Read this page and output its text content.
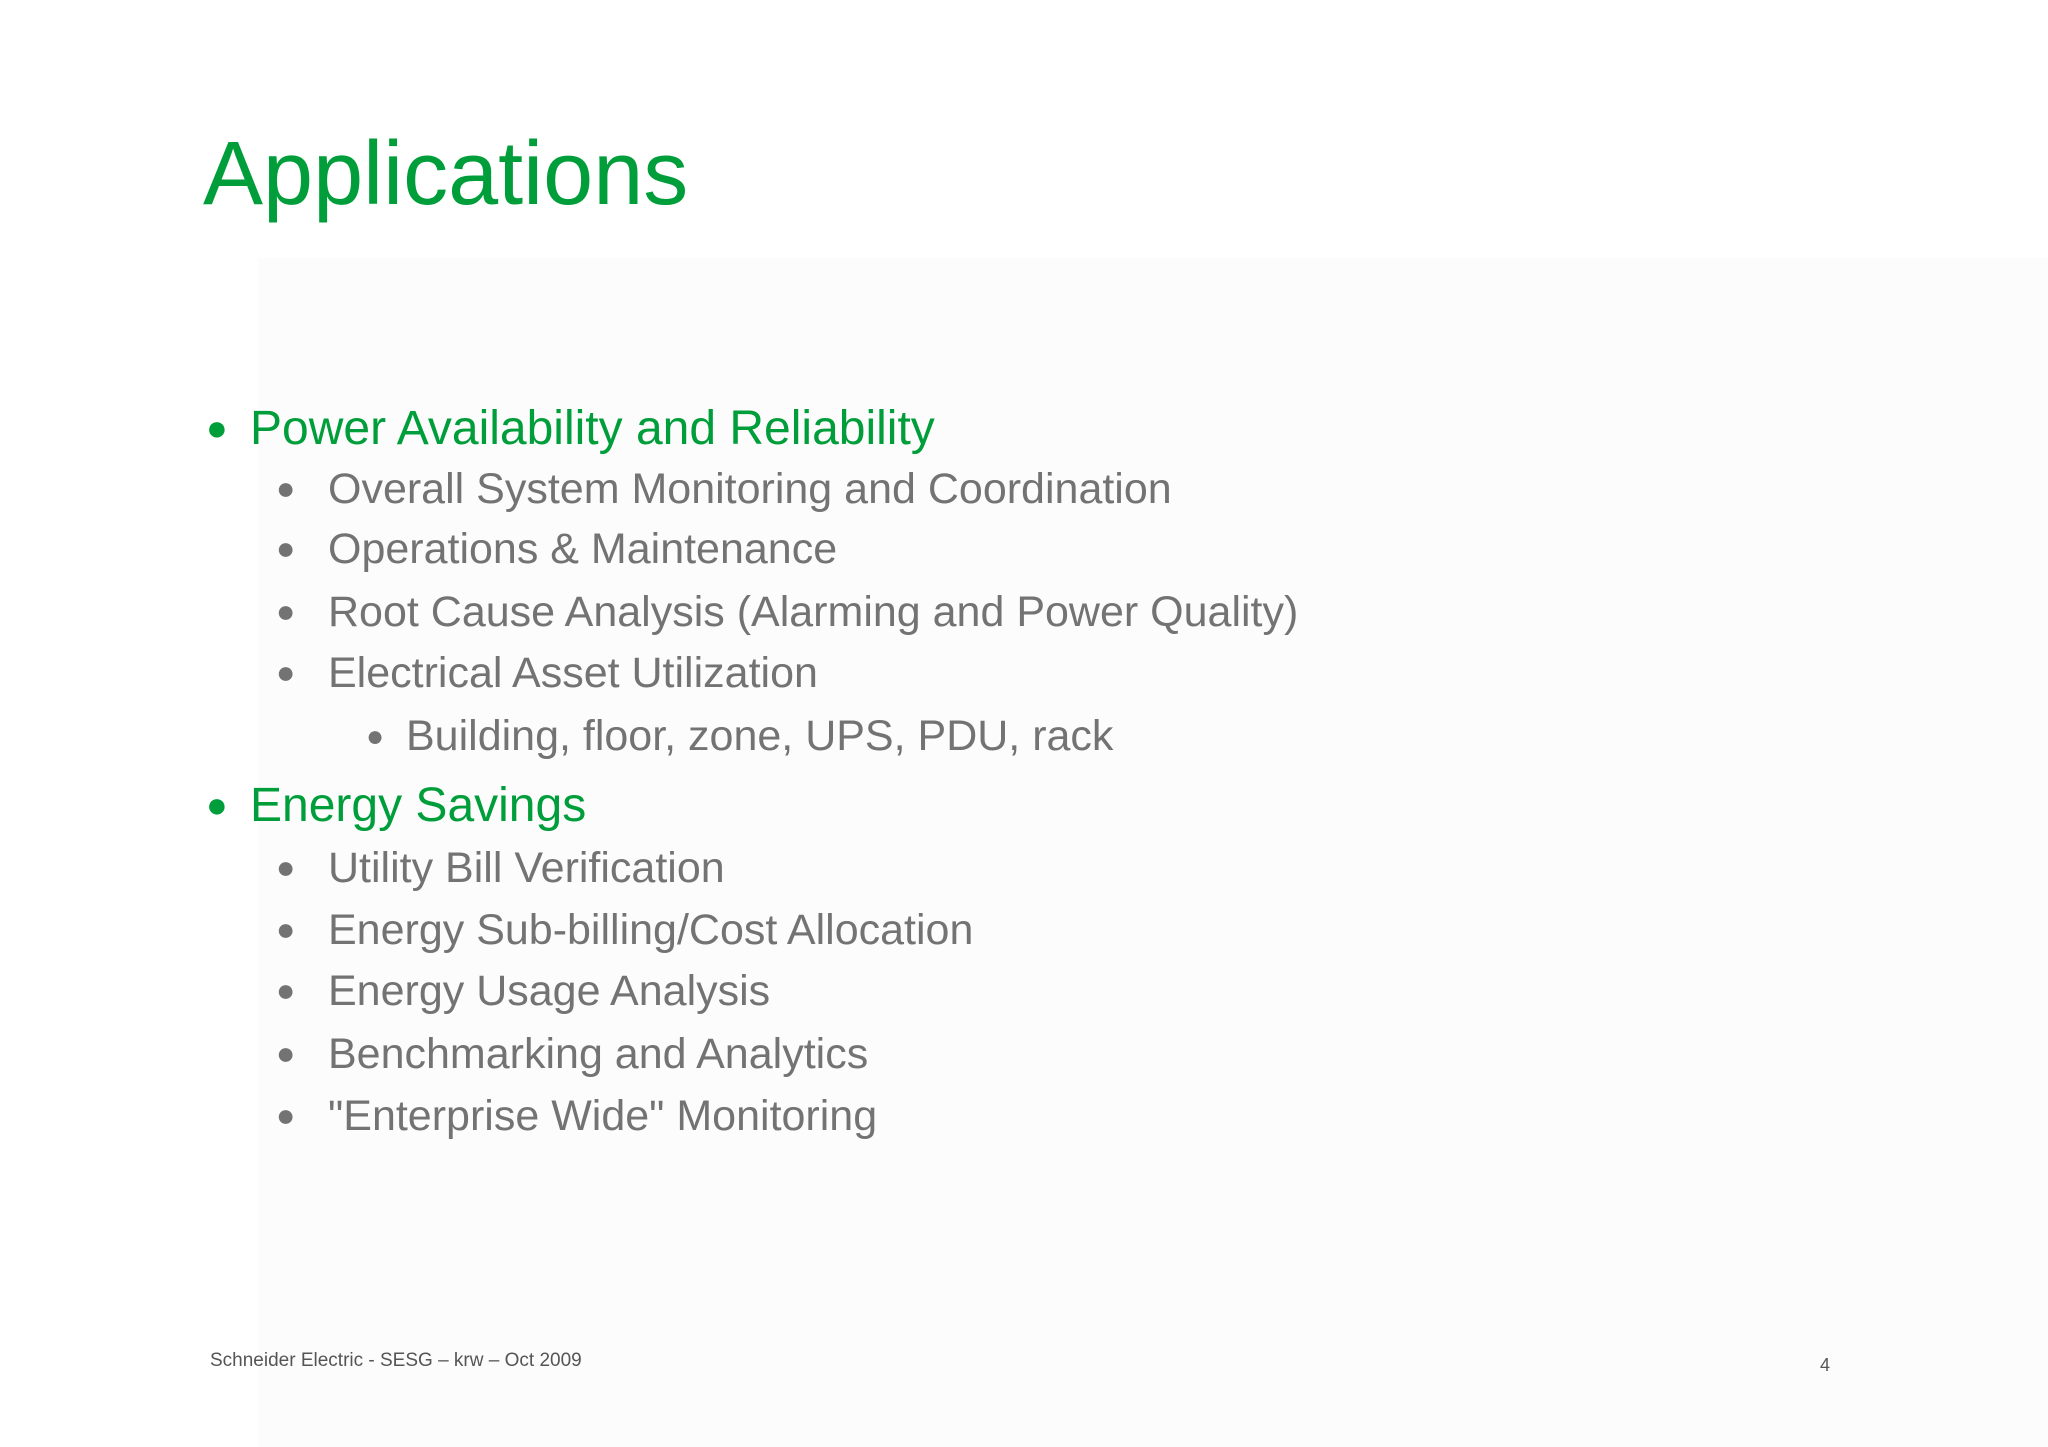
Applications
● Power Availability and Reliability
● Overall System Monitoring and Coordination
● Operations & Maintenance
● Root Cause Analysis (Alarming and Power Quality)
● Electrical Asset Utilization
● Building, floor, zone, UPS, PDU, rack
● Energy Savings
● Utility Bill Verification
● Energy Sub-billing/Cost Allocation
● Energy Usage Analysis
● Benchmarking and Analytics
● "Enterprise Wide" Monitoring
Schneider Electric - SESG – krw – Oct 2009	4
